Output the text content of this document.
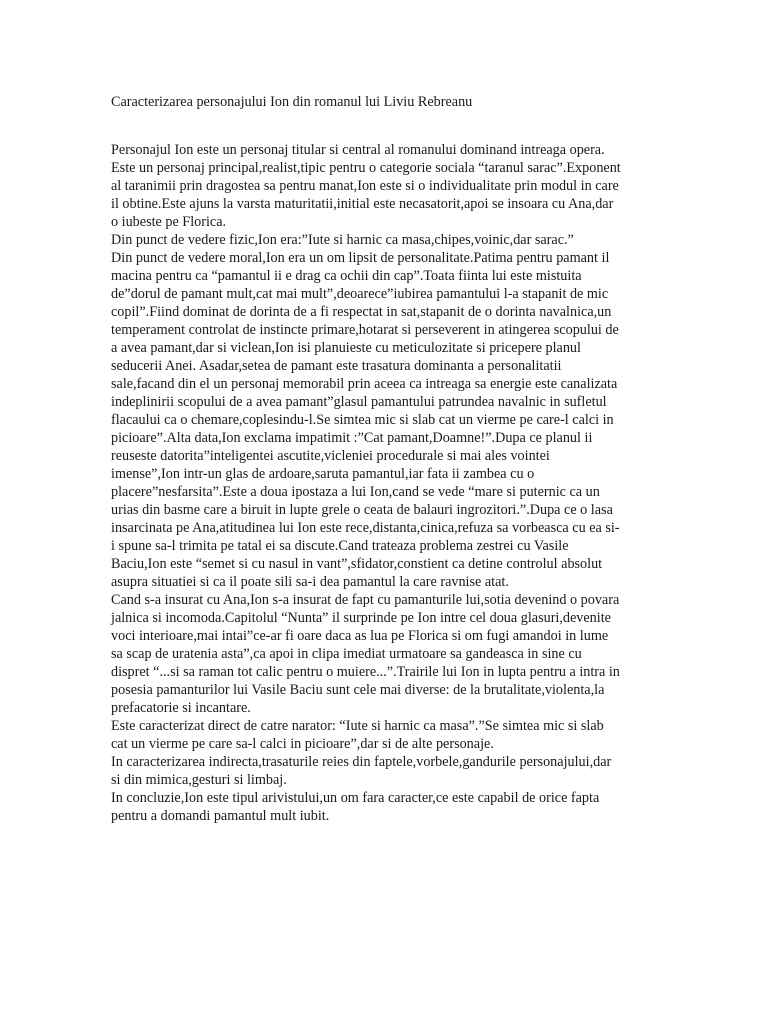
Caracterizarea personajului Ion din romanul lui Liviu Rebreanu

Personajul Ion este un personaj titular si central al romanului dominand intreaga opera.

Este un personaj principal,realist,tipic pentru o categorie sociala “taranul sarac”.Exponent

al taranimii prin dragostea sa pentru manat,Ion este si o individualitate prin modul in care

il obtine.Este ajuns la varsta maturitatii,initial este necasatorit,apoi se insoara cu Ana,dar

o iubeste pe Florica.

Din punct de vedere fizic,Ion era:”Iute si harnic ca masa,chipes,voinic,dar sarac.”

Din punct de vedere moral,Ion era un om lipsit de personalitate.Patima pentru pamant il

macina pentru ca “pamantul ii e drag ca ochii din cap”.Toata fiinta lui este mistuita

de”dorul de pamant mult,cat mai mult”,deoarece”iubirea pamantului l-a stapanit de mic

copil”.Fiind dominat de dorinta de a fi respectat in sat,stapanit de o dorinta navalnica,un

temperament controlat de instincte primare,hotarat si perseverent in atingerea scopului de

a avea pamant,dar si viclean,Ion isi planuieste cu meticulozitate si pricepere planul

seducerii Anei. Asadar,setea de pamant este trasatura dominanta a personalitatii

sale,facand din el un personaj memorabil prin aceea ca intreaga sa energie este canalizata

indeplinirii scopului de a avea pamant”glasul pamantului patrundea navalnic in sufletul

flacaului ca o chemare,coplesindu-l.Se simtea mic si slab cat un vierme pe care-l calci in

picioare”.Alta data,Ion exclama impatimit :”Cat pamant,Doamne!”.Dupa ce planul ii

reuseste datorita”inteligentei ascutite,vicleniei procedurale si mai ales vointei

imense”,Ion intr-un glas de ardoare,saruta pamantul,iar fata ii zambea cu o

placere”nesfarsita”.Este a doua ipostaza a lui Ion,cand se vede “mare si puternic ca un

urias din basme care a biruit in lupte grele o ceata de balauri ingrozitori.”.Dupa ce o lasa

insarcinata pe Ana,atitudinea lui Ion este rece,distanta,cinica,refuza sa vorbeasca cu ea si-

i spune sa-l trimita pe tatal ei sa discute.Cand trateaza problema zestrei cu Vasile

Baciu,Ion este “semet si cu nasul in vant”,sfidator,constient ca detine controlul absolut

asupra situatiei si ca il poate sili sa-i dea pamantul la care ravnise atat.

Cand s-a insurat cu Ana,Ion s-a insurat de fapt cu pamanturile lui,sotia devenind o povara

jalnica si incomoda.Capitolul “Nunta” il surprinde pe Ion intre cel doua glasuri,devenite

voci interioare,mai intai”ce-ar fi oare daca as lua pe Florica si om fugi amandoi in lume

sa scap de uratenia asta”,ca apoi in clipa imediat urmatoare sa gandeasca in sine cu

dispret “...si sa raman tot calic pentru o muiere...”.Trairile lui Ion in lupta pentru a intra in

posesia pamanturilor lui Vasile Baciu sunt cele mai diverse: de la brutalitate,violenta,la

prefacatorie si incantare.

Este caracterizat direct de catre narator: “Iute si harnic ca masa”.”Se simtea mic si slab

cat un vierme pe care sa-l calci in picioare”,dar si de alte personaje.

In caracterizarea indirecta,trasaturile reies din faptele,vorbele,gandurile personajului,dar

si din mimica,gesturi si limbaj.

In concluzie,Ion este tipul arivistului,un om fara caracter,ce este capabil de orice fapta

pentru a domandi pamantul mult iubit.
